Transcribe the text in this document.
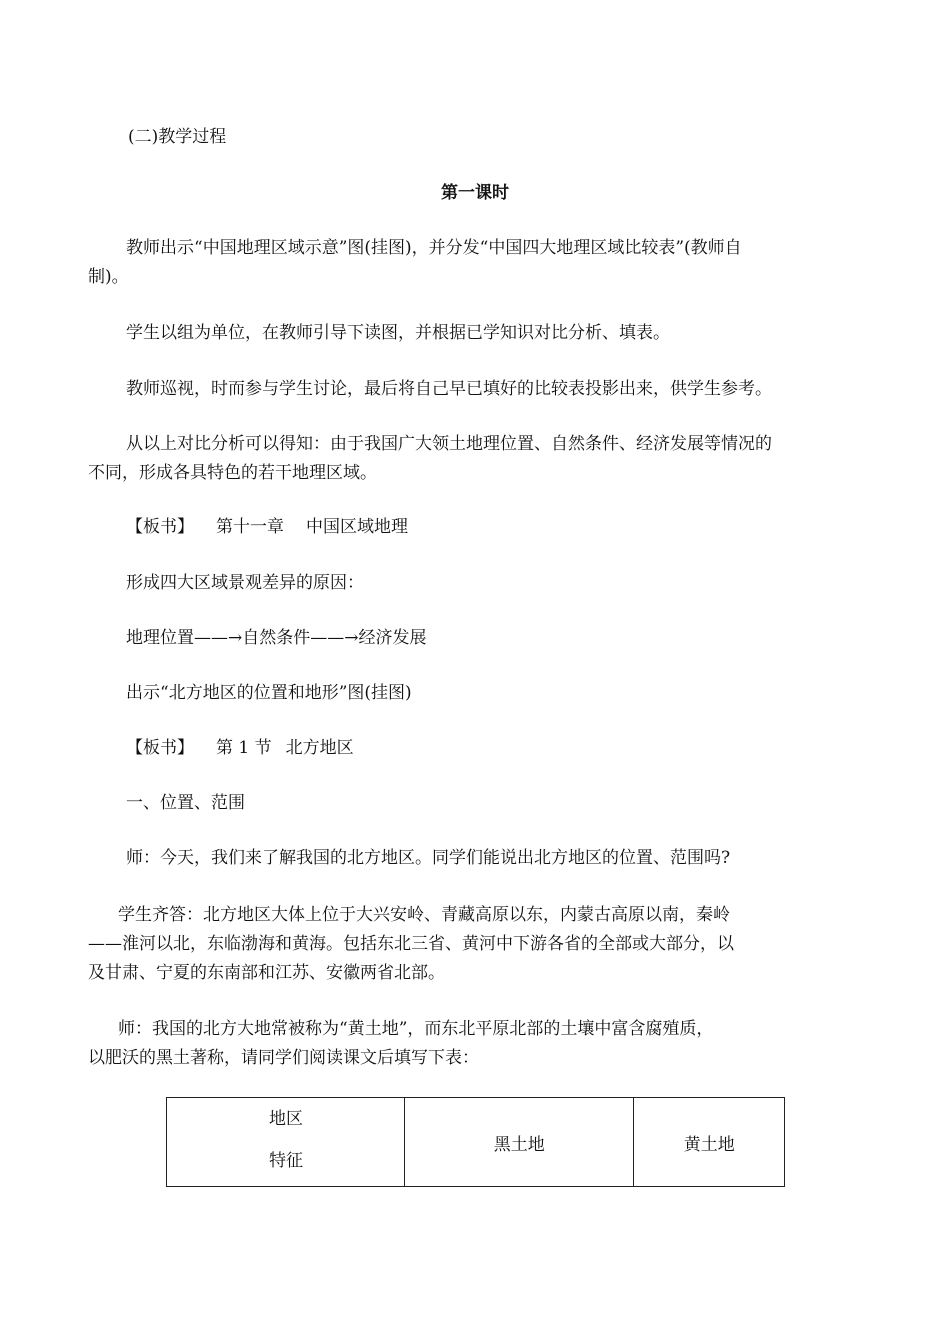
(二)教学过程
第一课时
教师出示“中国地理区域示意”图(挂图)，并分发“中国四大地理区域比较表”(教师自
制)。
学生以组为单位，在教师引导下读图，并根据已学知识对比分析、填表。
教师巡视，时而参与学生讨论，最后将自己早已填好的比较表投影出来，供学生参考。
从以上对比分析可以得知：由于我国广大领土地理位置、自然条件、经济发展等情况的
不同，形成各具特色的若干地理区域。
【板书】 第十一章 中国区域地理
形成四大区域景观差异的原因：
地理位置——→自然条件——→经济发展
出示“北方地区的位置和地形”图(挂图)
【板书】 第 1 节 北方地区
一、位置、范围
师：今天，我们来了解我国的北方地区。同学们能说出北方地区的位置、范围吗?
学生齐答：北方地区大体上位于大兴安岭、青藏高原以东，内蒙古高原以南，秦岭
——淮河以北，东临渤海和黄海。包括东北三省、黄河中下游各省的全部或大部分，以
及甘肃、宁夏的东南部和江苏、安徽两省北部。
师：我国的北方大地常被称为“黄土地”，而东北平原北部的土壤中富含腐殖质，
以肥沃的黑土著称，请同学们阅读课文后填写下表：
地区
特征
	黑土地	黄土地
